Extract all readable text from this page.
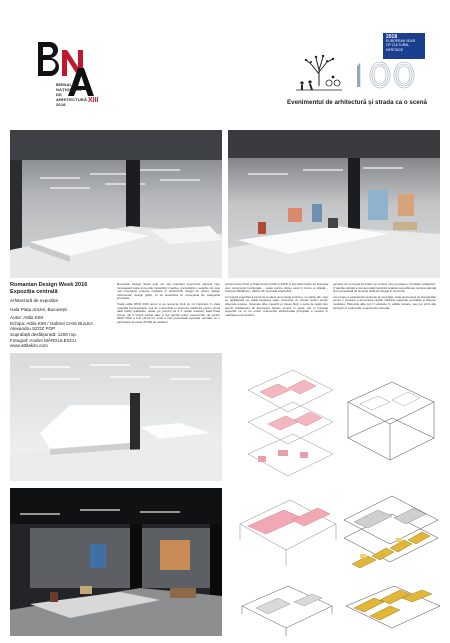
BIENALA
NAȚIONALĂ
DE
ARHITECTURĂ
2018
XIII
2018
EUROPEAN YEAR
OF CULTURAL
HERITAGE
Evenimentul de arhitectură și strada ca o scenă
Romanian Design Week 2016
Expoziția centrală
Arhitectură de expoziție
Hala Piața Amzei, București
Autor: Attila KIM
Echipa: Attila KIM / Gabriel CHIS BULEA
Alexandru SZOZ POP
Suprafață desfășurată: 1200 mp.
Fotograf: Andrei MĂRGULESCU
www.attilakim.com

Romanian Design Week este cel mai important eveniment național care încurajează toate domeniile industriilor creative, prezentând o selecție din cele mai importante proiecte realizate în arhitectură, design de obiect, design vestimentar, design grafic, cu tot ansamblul lor conceptual din categoriile principale.

Toată ediția RDW 2016 acum și au assumat încă un rol important în viața culturală bucureșteană: cea de a deschide și prezenta publicului pentru prima dată clădiri reabilitate, uitate, pe punctul de a fi redate orașului. Hala Piața Amzei, din a lungul istoriei sale, a fost gazdă multor evenimente, iar pentru RDW 2016 a fost primul loc unde a fost prezentată expoziția centrală, cu o participare de peste 25.000 de vizitatori.

proiect acolo hCub și Piața Amzei (2016 și 2018) și toți cadrii foarte de tinerețea unei reconversii funcționale – poate pentru ultima oară în forma ei inițială – Campus Mihăilescu, clădire din perioada interbelică.

Conceptul expoziției a pornit de la ideea unui peisaj continuu, un platou alb, care se desfășoară pe toată lungimea halei, devenind un fundal neutru pentru obiectele expuse. Volumele albe creează un traseu fluid, o serie de spații care permit vizitatorului să descopere fiecare proiect în parte, dar și întreaga expoziție ca un tot unitar. Intervenția arhitecturală principală a constat în realizarea unui podium.

general, iar ca lungul luminator pe central, care permitea o circulație vizitatorilor. O atenție ridicată a fost acordată iluminării spațiului expozițional, lumina naturală fiind completată de iluminat artificial integrat în structură.

Ca urmare a caracterului temporar al expoziției, toate elementele au fost gândite pentru o montare și demontare rapidă, utilizând materiale reciclabile și sisteme modulare. Platourile albe pot fi refolosite în edițiile viitoare, sau pot primi alte funcțiuni în cadrul altor evenimente culturale.
